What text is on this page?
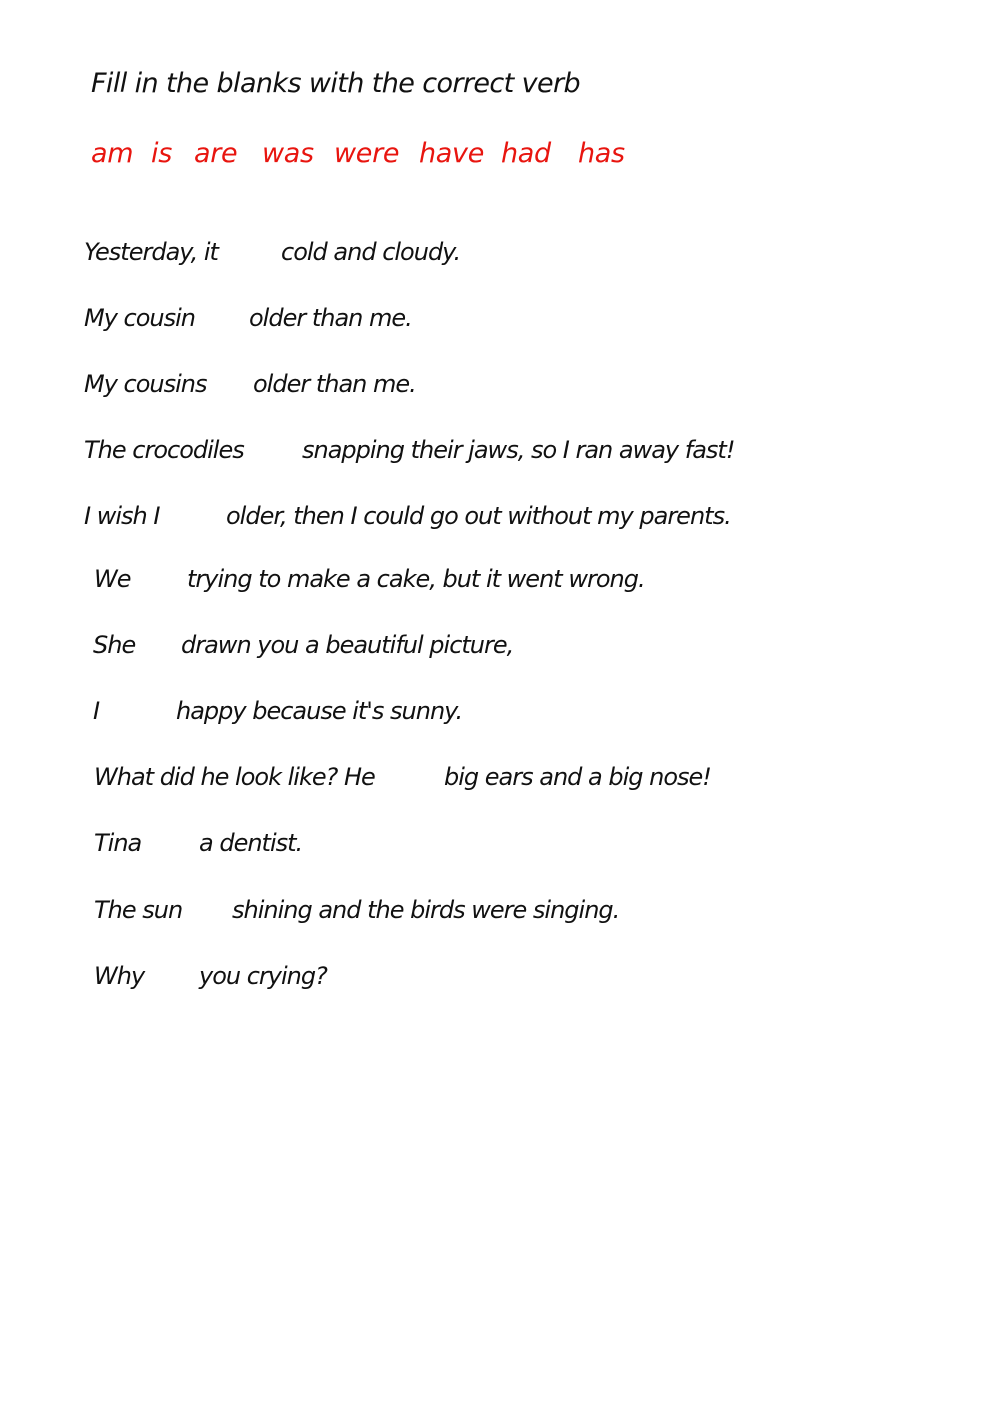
Fill in the blanks with the correct verb
am is are was were have had has
Yesterday, it	cold and cloudy.
My cousin older than me.
My cousins older than me.
The crocodiles snapping their jaws, so I ran away fast!
I wish I	older, then I could go out without my parents.
We trying to make a cake, but it went wrong.
She drawn you a beautiful picture,
I	happy because it's sunny.
What did he look like? He	big ears and a big nose!
Tina a dentist.
The sun shining and the birds were singing.
Why you crying?
